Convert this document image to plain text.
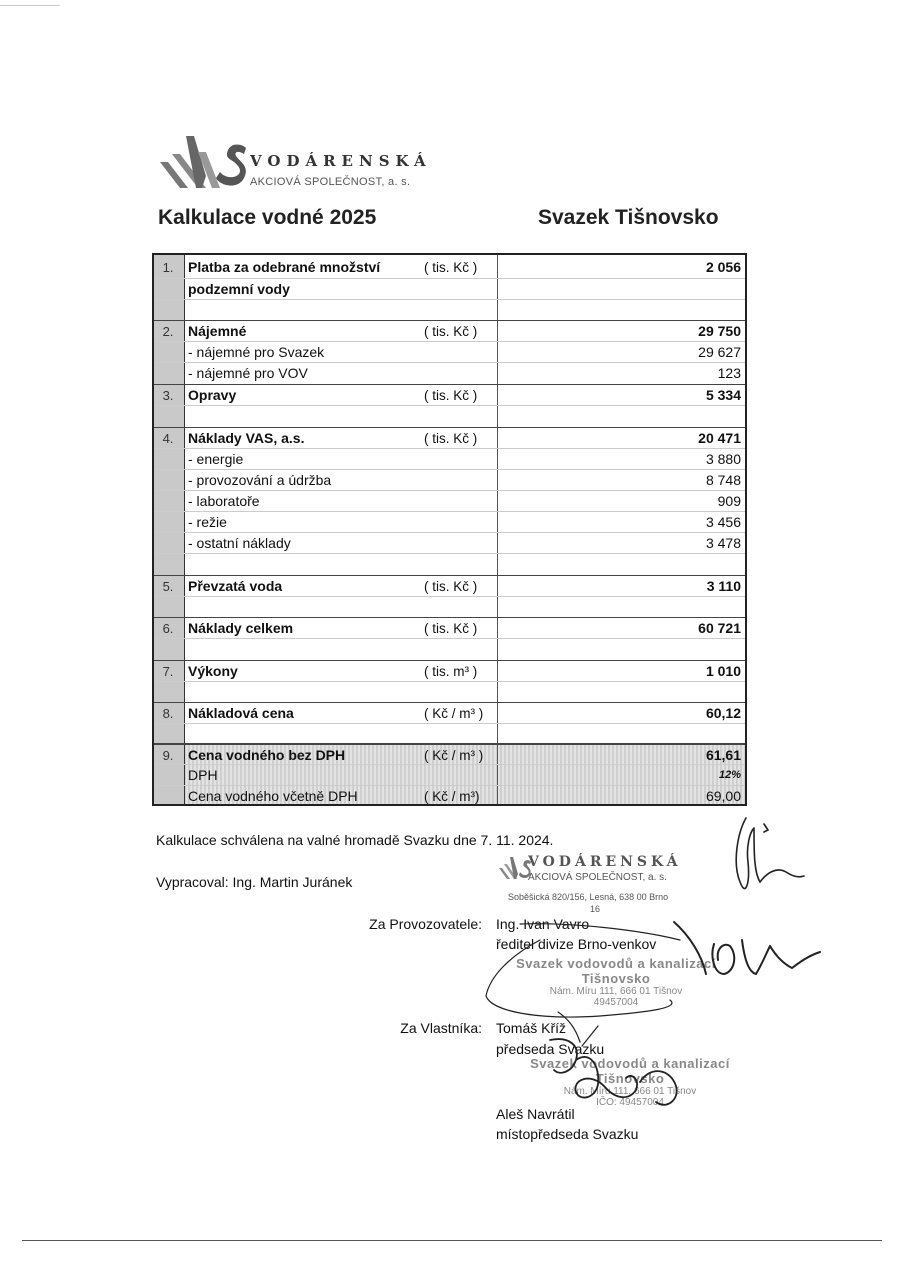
VODÁRENSKÁ
AKCIOVÁ SPOLEČNOST, a. s.
Kalkulace vodné 2025	Svazek Tišnovsko
1.	Platba za odebrané množství	( tis. Kč )	2 056
podzemní vody
2.	Nájemné	( tis. Kč )	29 750
- nájemné pro Svazek	29 627
- nájemné pro VOV	123
3.	Opravy	( tis. Kč )	5 334
4.	Náklady VAS, a.s.	( tis. Kč )	20 471
- energie	3 880
- provozování a údržba	8 748
- laboratoře	909
- režie	3 456
- ostatní náklady	3 478
5.	Převzatá voda	( tis. Kč )	3 110
6.	Náklady celkem	( tis. Kč )	60 721
7.	Výkony	( tis. m³ )	1 010
8.	Nákladová cena	( Kč / m³ )	60,12
9.	Cena vodného bez DPH	( Kč / m³ )	61,61
DPH	12%
Cena vodného včetně DPH	( Kč / m³)	69,00
Kalkulace schválena na valné hromadě Svazku dne 7. 11. 2024.
Vypracoval: Ing. Martin Juránek
VODÁRENSKÁ
AKCIOVÁ SPOLEČNOST, a. s.
Soběšická 820/156, Lesná, 638 00 Brno
16
Za Provozovatele: Ing. Ivan Vavro
ředitel divize Brno-venkov
Svazek vodovodů a kanalizací
Tišnovsko
Nám. Míru 111, 666 01 Tišnov
49457004
Za Vlastníka: Tomáš Kříž
předseda Svazku
Svazek vodovodů a kanalizací
Tišnovsko
Nám. Míru 111, 666 01 Tišnov
IČO: 49457004
Aleš Navrátil
místopředseda Svazku
